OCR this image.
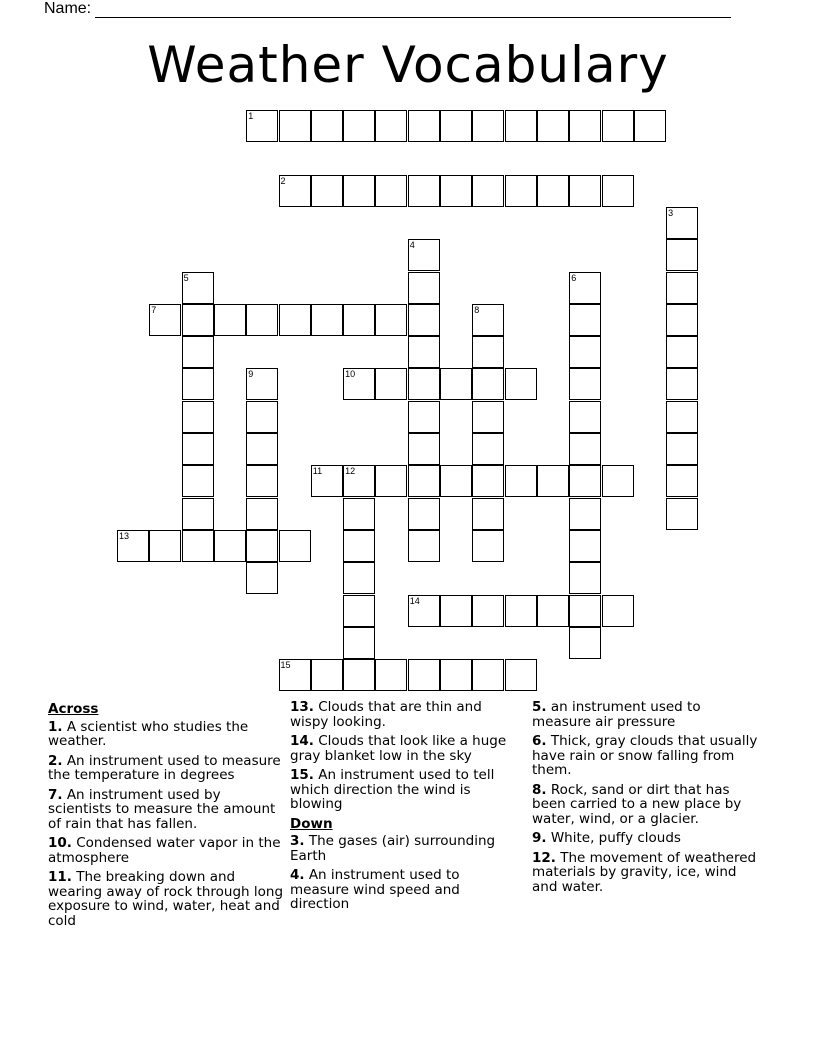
Name:
Weather Vocabulary
1
2
3
4
5	6
7	8
9	10
11	12
13
14
15
Across
1. A scientist who studies the weather.
2. An instrument used to measure the temperature in degrees
7. An instrument used by scientists to measure the amount of rain that has fallen.
10. Condensed water vapor in the atmosphere
11. The breaking down and wearing away of rock through long exposure to wind, water, heat and cold
13. Clouds that are thin and wispy looking.
14. Clouds that look like a huge gray blanket low in the sky
15. An instrument used to tell which direction the wind is blowing
Down
3. The gases (air) surrounding Earth
4. An instrument used to measure wind speed and direction
5. an instrument used to measure air pressure
6. Thick, gray clouds that usually have rain or snow falling from them.
8. Rock, sand or dirt that has been carried to a new place by water, wind, or a glacier.
9. White, puffy clouds
12. The movement of weathered materials by gravity, ice, wind and water.
